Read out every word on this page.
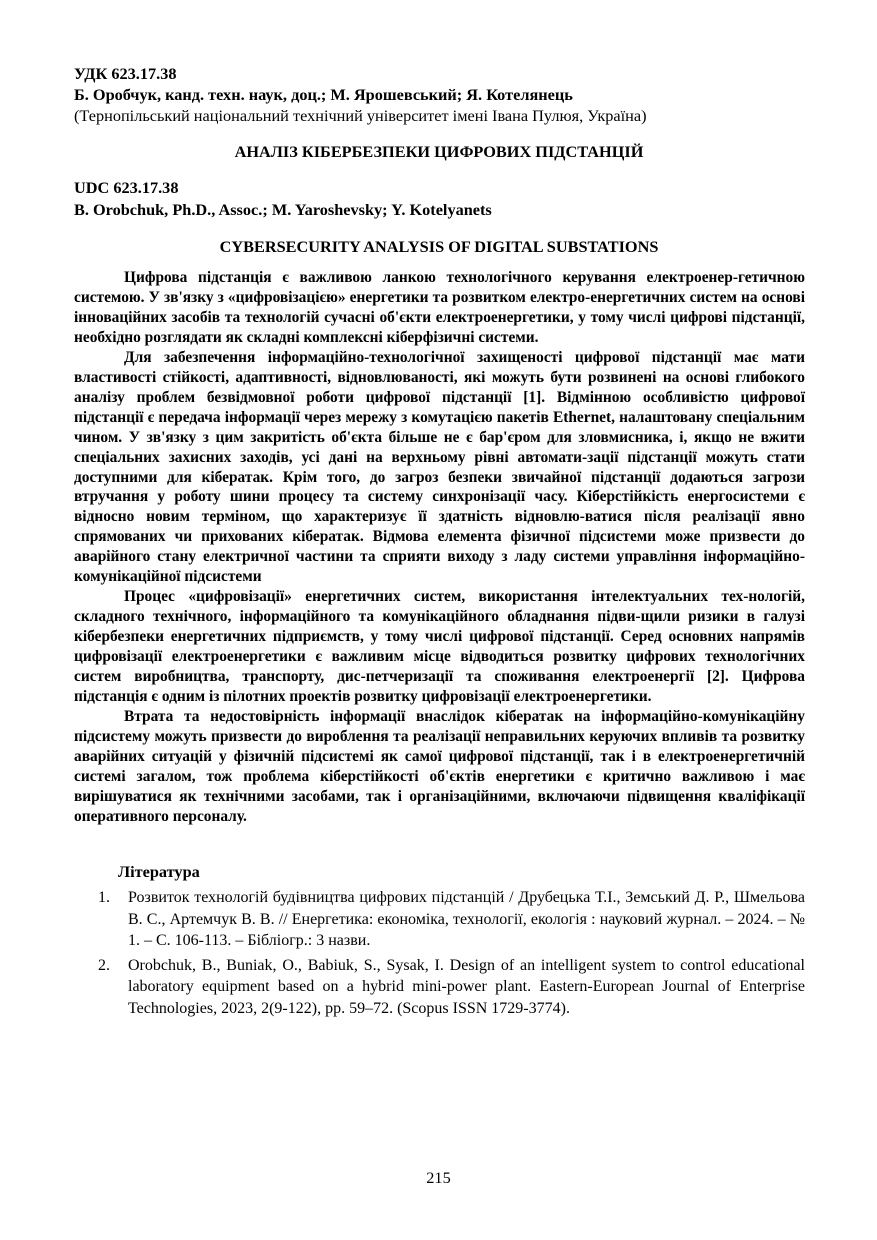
УДК 623.17.38
Б. Оробчук, канд. техн. наук, доц.; М. Ярошевський; Я. Котелянець
(Тернопільський національний технічний університет імені Івана Пулюя, Україна)
АНАЛІЗ КІБЕРБЕЗПЕКИ ЦИФРОВИХ ПІДСТАНЦІЙ
UDC 623.17.38
B. Orobchuk, Ph.D., Assoc.; M. Yaroshevsky; Y. Kotelyanets
CYBERSECURITY ANALYSIS OF DIGITAL SUBSTATIONS

Цифрова підстанція є важливою ланкою технологічного керування електроенер-гетичною системою. У зв'язку з «цифровізацією» енергетики та розвитком електро-енергетичних систем на основі інноваційних засобів та технологій сучасні об'єкти електроенергетики, у тому числі цифрові підстанції, необхідно розглядати як складні комплексні кіберфізичні системи.

Для забезпечення інформаційно-технологічної захищеності цифрової підстанції має мати властивості стійкості, адаптивності, відновлюваності, які можуть бути розвинені на основі глибокого аналізу проблем безвідмовної роботи цифрової підстанції [1]. Відмінною особливістю цифрової підстанції є передача інформації через мережу з комутацією пакетів Ethernet, налаштовану спеціальним чином. У зв'язку з цим закритість об'єкта більше не є бар'єром для зловмисника, і, якщо не вжити спеціальних захисних заходів, усі дані на верхньому рівні автомати-зації підстанції можуть стати доступними для кібератак. Крім того, до загроз безпеки звичайної підстанції додаються загрози втручання у роботу шини процесу та систему синхронізації часу. Кіберстійкість енергосистеми є відносно новим терміном, що характеризує її здатність відновлю-ватися після реалізації явно спрямованих чи прихованих кібератак. Відмова елемента фізичної підсистеми може призвести до аварійного стану електричної частини та сприяти виходу з ладу системи управління інформаційно-комунікаційної підсистеми

Процес «цифровізації» енергетичних систем, використання інтелектуальних тех-нологій, складного технічного, інформаційного та комунікаційного обладнання підви-щили ризики в галузі кібербезпеки енергетичних підприємств, у тому числі цифрової підстанції. Серед основних напрямів цифровізації електроенергетики є важливим місце відводиться розвитку цифрових технологічних систем виробництва, транспорту, дис-петчеризації та споживання електроенергії [2]. Цифрова підстанція є одним із пілотних проектів розвитку цифровізації електроенергетики.

Втрата та недостовірність інформації внаслідок кібератак на інформаційно-комунікаційну підсистему можуть призвести до вироблення та реалізації неправильних керуючих впливів та розвитку аварійних ситуацій у фізичній підсистемі як самої цифрової підстанції, так і в електроенергетичній системі загалом, тож проблема кіберстійкості об'єктів енергетики є критично важливою і має вирішуватися як технічними засобами, так і організаційними, включаючи підвищення кваліфікації оперативного персоналу.

Література
1. Розвиток технологій будівництва цифрових підстанцій / Друбецька Т.І., Земський Д. Р., Шмельова В. С., Артемчук В. В. // Енергетика: економіка, технології, екологія : науковий журнал. – 2024. – № 1. – С. 106-113. – Бібліогр.: 3 назви.
2. Orobchuk, B., Buniak, O., Babiuk, S., Sysak, I. Design of an intelligent system to control educational laboratory equipment based on a hybrid mini-power plant. Eastern-European Journal of Enterprise Technologies, 2023, 2(9-122), pp. 59–72. (Scopus ISSN 1729-3774).
215
